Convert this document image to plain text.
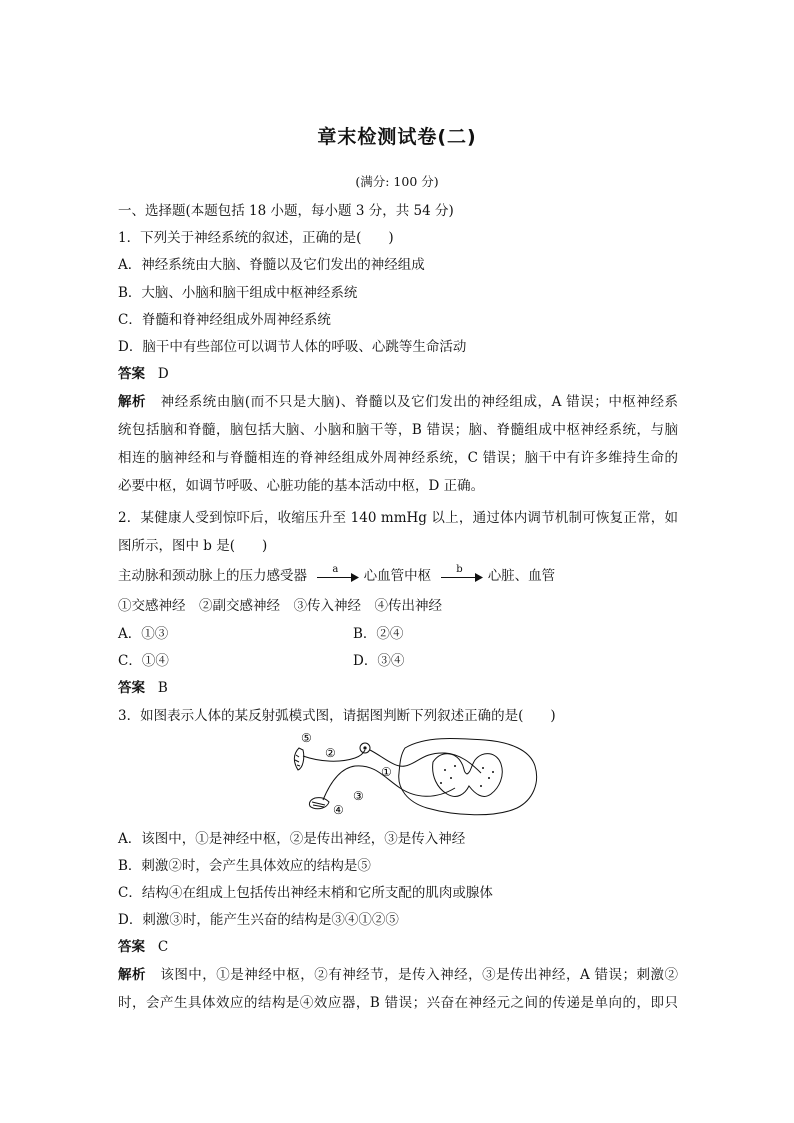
章末检测试卷(二)
(满分: 100 分)
一、选择题(本题包括 18 小题，每小题 3 分，共 54 分)
1．下列关于神经系统的叙述，正确的是(　　)
A．神经系统由大脑、脊髓以及它们发出的神经组成
B．大脑、小脑和脑干组成中枢神经系统
C．脊髓和脊神经组成外周神经系统
D．脑干中有些部位可以调节人体的呼吸、心跳等生命活动
答案 D
解析 神经系统由脑(而不只是大脑)、脊髓以及它们发出的神经组成，A 错误；中枢神经系
统包括脑和脊髓，脑包括大脑、小脑和脑干等，B 错误；脑、脊髓组成中枢神经系统，与脑
相连的脑神经和与脊髓相连的脊神经组成外周神经系统，C 错误；脑干中有许多维持生命的
必要中枢，如调节呼吸、心脏功能的基本活动中枢，D 正确。
2．某健康人受到惊吓后，收缩压升至 140 mmHg 以上，通过体内调节机制可恢复正常，如
图所示，图中 b 是(　　)
主动脉和颈动脉上的压力感受器	a	心血管中枢	b	心脏、血管
①交感神经　②副交感神经　③传入神经　④传出神经
A．①③	B．②④
C．①④	D．③④
答案 B
3．如图表示人体的某反射弧模式图，请据图判断下列叙述正确的是(　　)
⑤
②
①
③
④
A．该图中，①是神经中枢，②是传出神经，③是传入神经
B．刺激②时，会产生具体效应的结构是⑤
C．结构④在组成上包括传出神经末梢和它所支配的肌肉或腺体
D．刺激③时，能产生兴奋的结构是③④①②⑤
答案 C
解析 该图中，①是神经中枢，②有神经节，是传入神经，③是传出神经，A 错误；刺激②
时，会产生具体效应的结构是④效应器，B 错误；兴奋在神经元之间的传递是单向的，即只
